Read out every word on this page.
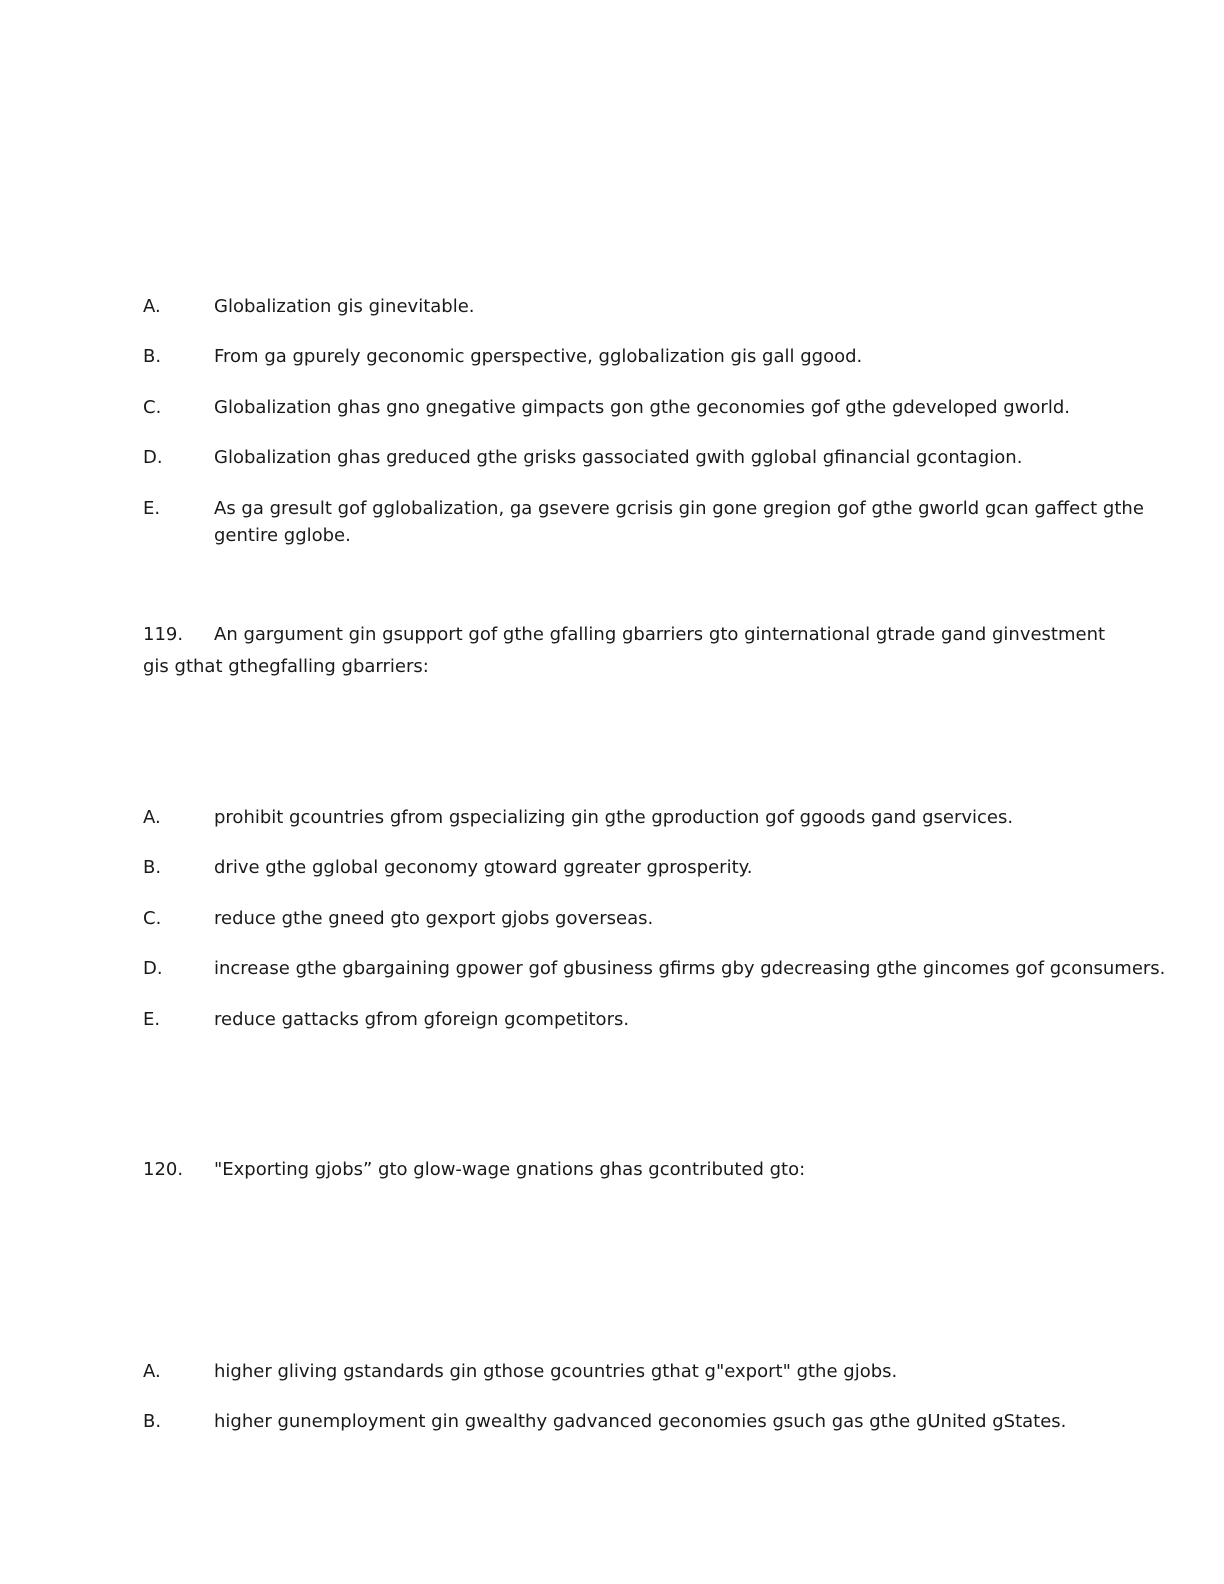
A.	Globalization gis ginevitable.
B.	From ga gpurely geconomic gperspective, gglobalization gis gall ggood.
C.	Globalization ghas gno gnegative gimpacts gon gthe geconomies gof gthe gdeveloped gworld.
D.	Globalization ghas greduced gthe grisks gassociated gwith gglobal gfinancial gcontagion.
E.	As ga gresult gof gglobalization, ga gsevere gcrisis gin gone gregion gof gthe gworld gcan gaffect gthe
gentire gglobe.
119. An gargument gin gsupport gof gthe gfalling gbarriers gto ginternational gtrade gand ginvestment
gis gthat gthegfalling gbarriers:
A.	prohibit gcountries gfrom gspecializing gin gthe gproduction gof ggoods gand gservices.
B.	drive gthe gglobal geconomy gtoward ggreater gprosperity.
C.	reduce gthe gneed gto gexport gjobs goverseas.
D.	increase gthe gbargaining gpower gof gbusiness gfirms gby gdecreasing gthe gincomes gof gconsumers.
E.	reduce gattacks gfrom gforeign gcompetitors.
120. "Exporting gjobs” gto glow-wage gnations ghas gcontributed gto:
A.	higher gliving gstandards gin gthose gcountries gthat g"export" gthe gjobs.
B.	higher gunemployment gin gwealthy gadvanced geconomies gsuch gas gthe gUnited gStates.
